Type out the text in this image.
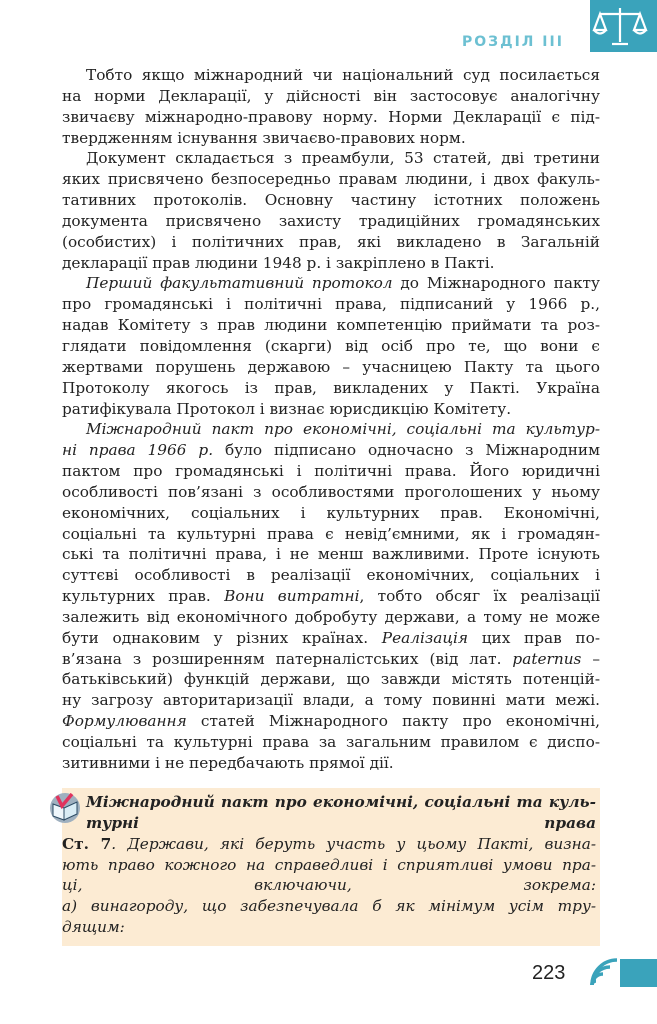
РОЗДІЛ ІІІ
Тобто якщо міжнародний чи національний суд посилається
на норми Декларації, у дійсності він застосовує аналогічну
звичаєву міжнародно-правову норму. Норми Декларації є під-
твердженням існування звичаєво-правових норм.
Документ складається з преамбули, 53 статей, дві третини
яких присвячено безпосередньо правам людини, і двох факуль-
тативних протоколів. Основну частину істотних положень
документа присвячено захисту традиційних громадянських
(особистих) і політичних прав, які викладено в Загальній
декларації прав людини 1948 р. і закріплено в Пакті.
Перший факультативний протокол до Міжнародного пакту
про громадянські і політичні права, підписаний у 1966 р.,
надав Комітету з прав людини компетенцію приймати та роз-
глядати повідомлення (скарги) від осіб про те, що вони є
жертвами порушень державою – учасницею Пакту та цього
Протоколу якогось із прав, викладених у Пакті. Україна
ратифікувала Протокол і визнає юрисдикцію Комітету.
Міжнародний пакт про економічні, соціальні та культур-
ні права 1966 р. було підписано одночасно з Міжнародним
пактом про громадянські і політичні права. Його юридичні
особливості пов’язані з особливостями проголошених у ньому
економічних, соціальних і культурних прав. Економічні,
соціальні та культурні права є невід’ємними, як і громадян-
ські та політичні права, і не менш важливими. Проте існують
суттєві особливості в реалізації економічних, соціальних і
культурних прав. Вони витратні, тобто обсяг їх реалізації
залежить від економічного добробуту держави, а тому не може
бути однаковим у різних країнах. Реалізація цих прав по-
в’язана з розширенням патерналістських (від лат. paternus –
батьківський) функцій держави, що завжди містять потенцій-
ну загрозу авторитаризації влади, а тому повинні мати межі.
Формулювання статей Міжнародного пакту про економічні,
соціальні та культурні права за загальним правилом є диспо-
зитивними і не передбачають прямої дії.
Міжнародний пакт про економічні, соціальні та куль-
турні права
Ст. 7. Держави, які беруть участь у цьому Пакті, визна-
ють право кожного на справедливі і сприятливі умови пра-
ці, включаючи, зокрема:
а) винагороду, що забезпечувала б як мінімум усім тру-
дящим:
223
